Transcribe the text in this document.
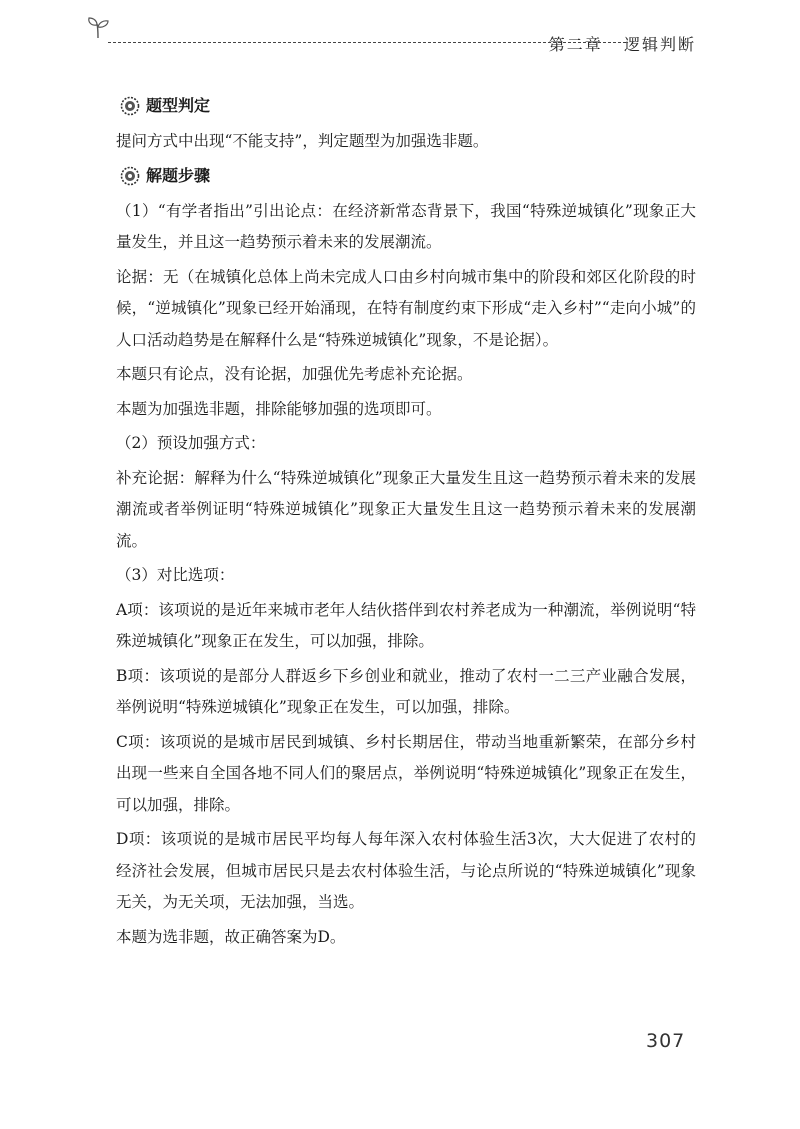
第二章 逻辑判断
题型判定

提问方式中出现“不能支持”，判定题型为加强选非题。

解题步骤

（1）“有学者指出”引出论点：在经济新常态背景下，我国“特殊逆城镇化”现象正大量发生，并且这一趋势预示着未来的发展潮流。

论据：无（在城镇化总体上尚未完成人口由乡村向城市集中的阶段和郊区化阶段的时候，“逆城镇化”现象已经开始涌现，在特有制度约束下形成“走入乡村”“走向小城”的人口活动趋势是在解释什么是“特殊逆城镇化”现象，不是论据）。

本题只有论点，没有论据，加强优先考虑补充论据。

本题为加强选非题，排除能够加强的选项即可。

（2）预设加强方式：

补充论据：解释为什么“特殊逆城镇化”现象正大量发生且这一趋势预示着未来的发展潮流或者举例证明“特殊逆城镇化”现象正大量发生且这一趋势预示着未来的发展潮流。

（3）对比选项：

A项：该项说的是近年来城市老年人结伙搭伴到农村养老成为一种潮流，举例说明“特殊逆城镇化”现象正在发生，可以加强，排除。

B项：该项说的是部分人群返乡下乡创业和就业，推动了农村一二三产业融合发展，举例说明“特殊逆城镇化”现象正在发生，可以加强，排除。

C项：该项说的是城市居民到城镇、乡村长期居住，带动当地重新繁荣，在部分乡村出现一些来自全国各地不同人们的聚居点，举例说明“特殊逆城镇化”现象正在发生，可以加强，排除。

D项：该项说的是城市居民平均每人每年深入农村体验生活3次，大大促进了农村的经济社会发展，但城市居民只是去农村体验生活，与论点所说的“特殊逆城镇化”现象无关，为无关项，无法加强，当选。

本题为选非题，故正确答案为D。

307
